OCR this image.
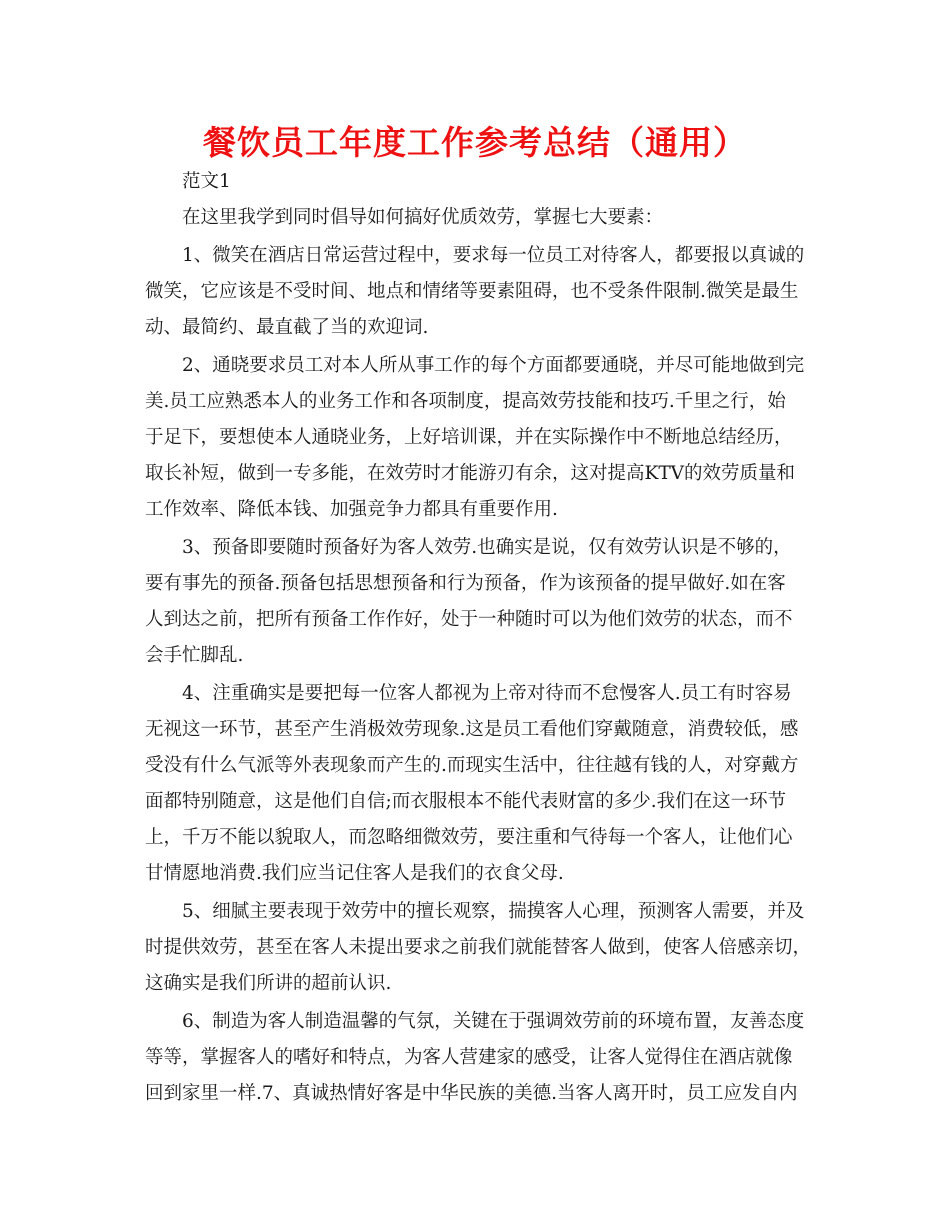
餐饮员工年度工作参考总结（通用）

范文1

在这里我学到同时倡导如何搞好优质效劳，掌握七大要素：

1、微笑在酒店日常运营过程中，要求每一位员工对待客人，都要报以真诚的
微笑，它应该是不受时间、地点和情绪等要素阻碍，也不受条件限制.微笑是最生
动、最简约、最直截了当的欢迎词.

2、通晓要求员工对本人所从事工作的每个方面都要通晓，并尽可能地做到完
美.员工应熟悉本人的业务工作和各项制度，提高效劳技能和技巧.千里之行，始
于足下，要想使本人通晓业务，上好培训课，并在实际操作中不断地总结经历，
取长补短，做到一专多能，在效劳时才能游刃有余，这对提高KTV的效劳质量和
工作效率、降低本钱、加强竞争力都具有重要作用.

3、预备即要随时预备好为客人效劳.也确实是说，仅有效劳认识是不够的，
要有事先的预备.预备包括思想预备和行为预备，作为该预备的提早做好.如在客
人到达之前，把所有预备工作作好，处于一种随时可以为他们效劳的状态，而不
会手忙脚乱.

4、注重确实是要把每一位客人都视为上帝对待而不怠慢客人.员工有时容易
无视这一环节，甚至产生消极效劳现象.这是员工看他们穿戴随意，消费较低，感
受没有什么气派等外表现象而产生的.而现实生活中，往往越有钱的人，对穿戴方
面都特别随意，这是他们自信;而衣服根本不能代表财富的多少.我们在这一环节
上，千万不能以貌取人，而忽略细微效劳，要注重和气待每一个客人，让他们心
甘情愿地消费.我们应当记住客人是我们的衣食父母.

5、细腻主要表现于效劳中的擅长观察，揣摸客人心理，预测客人需要，并及
时提供效劳，甚至在客人未提出要求之前我们就能替客人做到，使客人倍感亲切，
这确实是我们所讲的超前认识.

6、制造为客人制造温馨的气氛，关键在于强调效劳前的环境布置，友善态度
等等，掌握客人的嗜好和特点，为客人营建家的感受，让客人觉得住在酒店就像
回到家里一样.7、真诚热情好客是中华民族的美德.当客人离开时，员工应发自内
